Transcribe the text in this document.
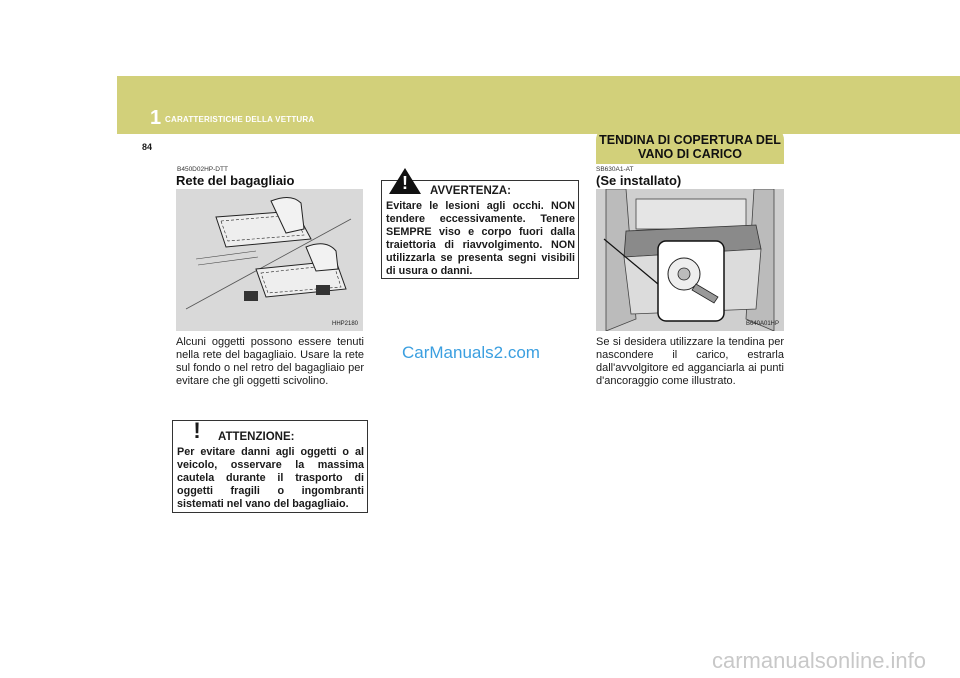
1 CARATTERISTICHE DELLA VETTURA
84	TENDINA DI COPERTURA DEL VANO DI CARICO
B450D02HP-DTT
Rete del bagagliaio
HHP2180
Alcuni oggetti possono essere tenuti nella rete del bagagliaio. Usare la rete sul fondo o nel retro del bagagliaio per evitare che gli oggetti scivolino.
!	ATTENZIONE:
Per evitare danni agli oggetti o al veicolo, osservare la massima cautela durante il trasporto di oggetti fragili o ingombranti sistemati nel vano del bagagliaio.
!	AVVERTENZA:
Evitare le lesioni agli occhi. NON tendere eccessivamente. Tenere SEMPRE viso e corpo fuori dalla traiettoria di riavvolgimento. NON utilizzarla se presenta segni visibili di usura o danni.
CarManuals2.com
SB630A1-AT
(Se installato)
B640A01HP
Se si desidera utilizzare la tendina per nascondere il carico, estrarla dall'avvolgitore ed agganciarla ai punti d'ancoraggio come illustrato.
carmanualsonline.info
